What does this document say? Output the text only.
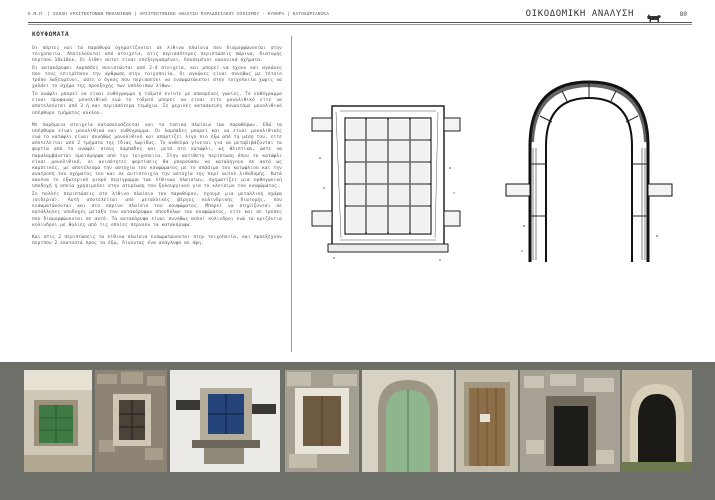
Ε.Μ.Π. | ΣΧΟΛΗ ΑΡΧΙΤΕΚΤΟΝΩΝ ΜΗΧΑΝΙΚΩΝ | ΑΡΧΙΤΕΚΤΟΝΙΚΗ ΑΝΑΛΥΣΗ ΠΑΡΑΔΟΣΙΑΚΟΥ ΟΙΚΙΣΜΟΥ - ΚΥΘΗΡΑ | ΚΑΤΟΧΩΡΙΑΝΙΚΑ	ΟΙΚΟΔΟΜΙΚΗ ΑΝΑΛΥΣΗ	80
ΚΟΥΦΩΜΑΤΑ

Οι πόρτες και τα παράθυρα σχηματίζονται σε λίθινα πλαίσια που διαμορφώνονται στην τοιχοποιία. Αποτελούνται από στοιχεία, στις περισσότερες περιπτώσεις πώρινα, διατομής περίπου 10x10εκ. Οι λίθοι αυτοί είναι επεξεργασμένοι, δουλεμένοι κανονικά σχήματα.

Οι κατακόρυφοι λαμπάδες συνιστώνται από 2-4 στοιχεία, και μπορεί να έχουν και αγκώνες που τους επιτρέπουν την άρθρωση στην τοιχοποιία. Οι αγκώνες είναι συνήθως με τέτοιο τρόπο λαξευμένοι, ώστε ο όγκος που περισσεύει να ενσωματώνεται στην τοιχοποιία χωρίς να χαλάει το σχήμα της προεξοχής των υπόλοιπων λίθων.

Το ανώφλι μπορεί να είναι ευθύγραμμο ή τοξωτό ενίοτε με σπασμένες γωνίες. Το ευθύγραμμο είναι προφανώς μονολιθικό ενώ το τοξωτό μπορεί να είναι είτε μονολιθικό είτε να αποτελούνται από 3 ή και περισσότερα τεμάχια. Σε μερικές κατασκευές συναντάμε μονολιθικό υπέρθυρο τμήματος κύκλου.

Με παρόμοια στοιχεία κατασκευάζονται και τα τυπικά πλαίσια των παραθύρων. Εδώ τα υπέρθυρα είναι μονολιθικά και ευθύγραμμα. Οι λαμπάδες μπορεί και να είναι μονολιθικές ενώ το κατώφλι είναι συνήθως μονολιθικό και απαρτίζει λίγο πιο έξω από τη μέση του, είτε αποτελείται από 2 τμήματα της ίδιας λωρίδας. Το ανθεύμα γίνεται για να μεταβιβάζονται τα φορτία από το ανώφλι στους λαμπάδες και μετά στο κατώφλι, ως θλιπτικά, ώστε να παραλαμβάνεται ομοιόμορφα από την τοιχοποιία. Στην αντίθετη περίπτωση όπου το κατώφλι είναι μονολιθικό, οι ανισότητες φορτίσεις θα μπορούσαν να καταλήγουν σε αυτό ως καμπτικές, με αποτέλεσμα την αστοχία του κουφώματος με το σπάσιμο του κατωφλιού και την ανατροπή του σχήματος του και σε αντιστοιχία την αστοχία της περί αυτού λιθοδομής. Κατά κανόνα το εξωτερικό μικρό περίγραμμα των λίθινων πλαισίων, σχηματίζει μια ορθογωνική υποδοχή η οποία χρησιμεύει στην στερέωση του ξυλουργικού για το κλείσιμο του κουφώματος.

Σε πολλές περιπτώσεις στο λίθινο πλαίσιο του παραθύρου, έχουμε μια μεταλλική σχάρα (σιδεριά). Αυτή αποτελείται από μεταλλικές βέργες κυλινδρικής διατομής, που ενσωματώνονται και στο πάρινο πλαίσιο του κουφώματος. Μπορεί να στηρίζονται σε κατάλληλες υποδοχές μεταξύ του κατακόρυφων σπονδύλων του κουφώματος, είτε και σε τρύπες που διαμορφώνονται σε αυτό. Τα κατακόρυφα είναι συνήθως απλοί κύλινδροι ενώ τα οριζόντια κύλινδροι με θηλιές από τις οποίες περνούν τα κατακόρυφα.

Και στις 2 περιπτώσεις τα λίθινα πλαίσια ενσωματώνονται στην τοιχοποιία, και προεξέχουν περίπου 2 εκατοστά προς τα έξω, δίνοντας ένα ανάγλυφο σε όψη.
